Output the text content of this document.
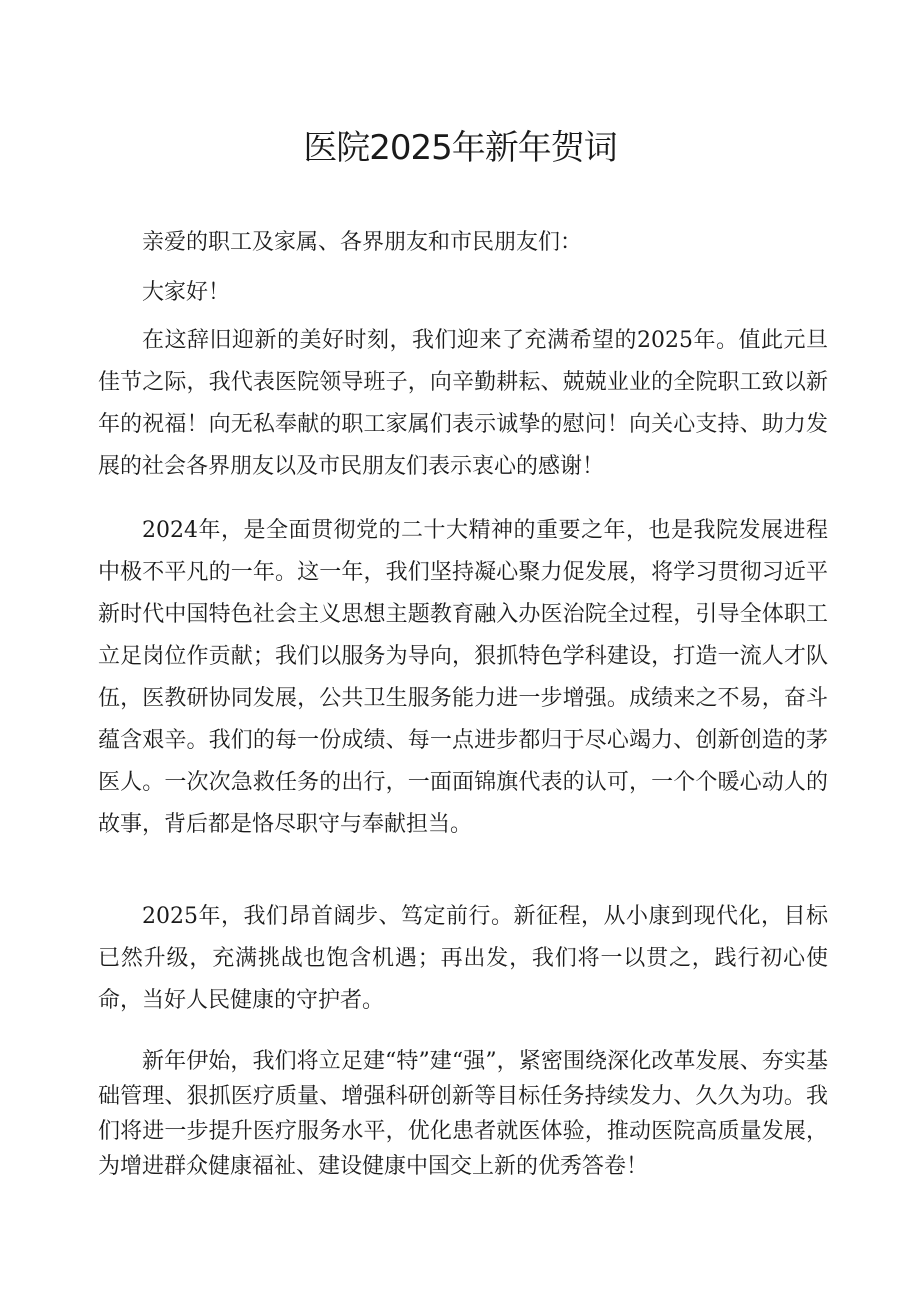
医院2025年新年贺词

亲爱的职工及家属、各界朋友和市民朋友们：

大家好！

在这辞旧迎新的美好时刻，我们迎来了充满希望的2025年。值此元旦佳节之际，我代表医院领导班子，向辛勤耕耘、兢兢业业的全院职工致以新年的祝福！向无私奉献的职工家属们表示诚挚的慰问！向关心支持、助力发展的社会各界朋友以及市民朋友们表示衷心的感谢！

2024年，是全面贯彻党的二十大精神的重要之年，也是我院发展进程中极不平凡的一年。这一年，我们坚持凝心聚力促发展，将学习贯彻习近平新时代中国特色社会主义思想主题教育融入办医治院全过程，引导全体职工立足岗位作贡献；我们以服务为导向，狠抓特色学科建设，打造一流人才队伍，医教研协同发展，公共卫生服务能力进一步增强。成绩来之不易，奋斗蕴含艰辛。我们的每一份成绩、每一点进步都归于尽心竭力、创新创造的茅医人。一次次急救任务的出行，一面面锦旗代表的认可，一个个暖心动人的故事，背后都是恪尽职守与奉献担当。

2025年，我们昂首阔步、笃定前行。新征程，从小康到现代化，目标已然升级，充满挑战也饱含机遇；再出发，我们将一以贯之，践行初心使命，当好人民健康的守护者。

新年伊始，我们将立足建“特”建“强”，紧密围绕深化改革发展、夯实基础管理、狠抓医疗质量、增强科研创新等目标任务持续发力、久久为功。我们将进一步提升医疗服务水平，优化患者就医体验，推动医院高质量发展，为增进群众健康福祉、建设健康中国交上新的优秀答卷！
